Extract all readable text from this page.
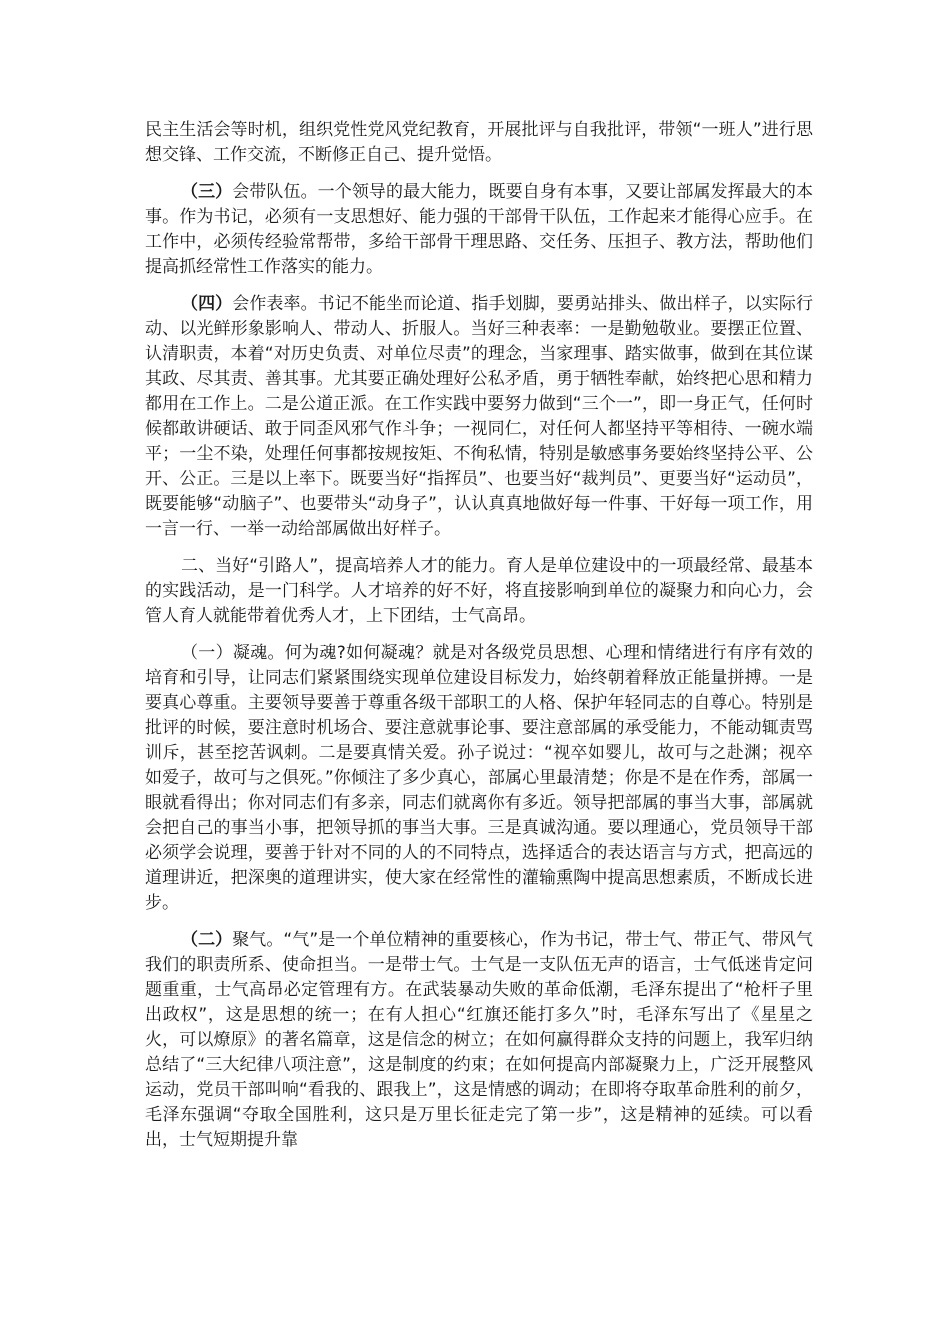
民主生活会等时机，组织党性党风党纪教育，开展批评与自我批评，带领“一班人”进行思想交锋、工作交流，不断修正自己、提升觉悟。

（三）会带队伍。一个领导的最大能力，既要自身有本事，又要让部属发挥最大的本事。作为书记，必须有一支思想好、能力强的干部骨干队伍，工作起来才能得心应手。在工作中，必须传经验常帮带，多给干部骨干理思路、交任务、压担子、教方法，帮助他们提高抓经常性工作落实的能力。

（四）会作表率。书记不能坐而论道、指手划脚，要勇站排头、做出样子，以实际行动、以光鲜形象影响人、带动人、折服人。当好三种表率：一是勤勉敬业。要摆正位置、认清职责，本着“对历史负责、对单位尽责”的理念，当家理事、踏实做事，做到在其位谋其政、尽其责、善其事。尤其要正确处理好公私矛盾，勇于牺牲奉献，始终把心思和精力都用在工作上。二是公道正派。在工作实践中要努力做到“三个一”，即一身正气，任何时候都敢讲硬话、敢于同歪风邪气作斗争；一视同仁，对任何人都坚持平等相待、一碗水端平；一尘不染，处理任何事都按规按矩、不徇私情，特别是敏感事务要始终坚持公平、公开、公正。三是以上率下。既要当好“指挥员”、也要当好“裁判员”、更要当好“运动员”，既要能够“动脑子”、也要带头“动身子”，认认真真地做好每一件事、干好每一项工作，用一言一行、一举一动给部属做出好样子。

二、当好“引路人”，提高培养人才的能力。育人是单位建设中的一项最经常、最基本的实践活动，是一门科学。人才培养的好不好，将直接影响到单位的凝聚力和向心力，会管人育人就能带着优秀人才，上下团结，士气高昂。

（一）凝魂。何为魂?如何凝魂？就是对各级党员思想、心理和情绪进行有序有效的培育和引导，让同志们紧紧围绕实现单位建设目标发力，始终朝着释放正能量拼搏。一是要真心尊重。主要领导要善于尊重各级干部职工的人格、保护年轻同志的自尊心。特别是批评的时候，要注意时机场合、要注意就事论事、要注意部属的承受能力，不能动辄责骂训斥，甚至挖苦讽刺。二是要真情关爱。孙子说过：“视卒如婴儿，故可与之赴渊；视卒如爱子，故可与之俱死。”你倾注了多少真心，部属心里最清楚；你是不是在作秀，部属一眼就看得出；你对同志们有多亲，同志们就离你有多近。领导把部属的事当大事，部属就会把自己的事当小事，把领导抓的事当大事。三是真诚沟通。要以理通心，党员领导干部必须学会说理，要善于针对不同的人的不同特点，选择适合的表达语言与方式，把高远的道理讲近，把深奥的道理讲实，使大家在经常性的灌输熏陶中提高思想素质，不断成长进步。

（二）聚气。“气”是一个单位精神的重要核心，作为书记，带士气、带正气、带风气我们的职责所系、使命担当。一是带士气。士气是一支队伍无声的语言，士气低迷肯定问题重重，士气高昂必定管理有方。在武装暴动失败的革命低潮，毛泽东提出了“枪杆子里出政权”，这是思想的统一；在有人担心“红旗还能打多久”时，毛泽东写出了《星星之火，可以燎原》的著名篇章，这是信念的树立；在如何赢得群众支持的问题上，我军归纳总结了“三大纪律八项注意”，这是制度的约束；在如何提高内部凝聚力上，广泛开展整风运动，党员干部叫响“看我的、跟我上”，这是情感的调动；在即将夺取革命胜利的前夕，毛泽东强调“夺取全国胜利，这只是万里长征走完了第一步”，这是精神的延续。可以看出，士气短期提升靠
